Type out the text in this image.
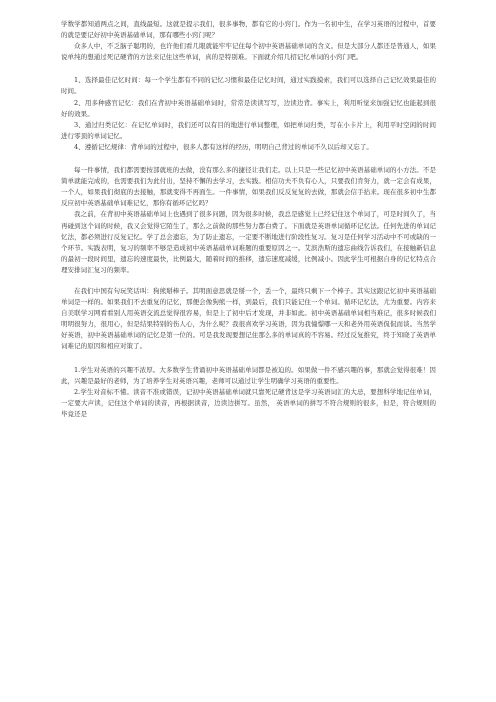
学数学都知道两点之间，直线最短。这就是提示我们，很多事物，都有它的小窍门。作为一名初中生，在学习英语的过程中，首要的就是要记好初中英语基础单词，那有哪些小窍门呢？

众多人中，不乏脑子聪明的，也许他们看几眼就能牢牢记住每个初中英语基础单词的含义。但是大部分人都还是普通人，如果说单纯的想通过死记硬背的方法来记住这些单词，真的是特别难。下面就介绍几招记忆单词的小窍门吧。

1、选择最佳记忆时间：每一个学生都有不同的记忆习惯和最佳记忆时间，通过实践摸索，我们可以选择自己记忆效果最佳的时间。

2、用多种感官记忆：我们在背初中英语基础单词时，常常是读读写写，边读边背。事实上，利用听觉来加强记忆也能起到很好的效果。

3、通过归类记忆：在记忆单词时，我们还可以有目的地进行单词整理，如把单词归类，写在小卡片上，利用平时空闲的时间进行零顶的单词记忆。

4、遵循记忆规律：背单词的过程中，很多人都有这样的经历，明明自己背过的单词不久以后却又忘了。

每一件事情，我们都需要按部就班的去做，没有那么多的捷径让我们走。以上只是一些记忆初中英语基础单词的小方法。不是简单就能完成的，也需要我们为此付出，坚持不懈的去学习，去实践。相信功夫不负有心人，只要我们肯努力，就一定会有成果，一个人，如果我们彻底的去接触，那就变得不再面生。一件事情，如果我们反反复复的去做，那就会信手拈来。现在很多初中生都反应初中英语基础单词难记忆，那你有循环记忆吗？

我之前，在背初中英语基础单词上也遇到了很多问题，因为很多时候，我总是感觉上已经记住这个单词了，可是时间久了，当再碰到这个词的时候，我又会觉得它陌生了，那么之前做的那些努力都白费了。下面就是英语单词循环记忆法。任何先进的单词记忆法，都必须进行反复记忆。学了总会遗忘，为了防止遗忘，一定要不断地进行阶段性复习。复习是任何学习活动中不可或缺的一个环节。实践表明，复习的频率不够是造成初中英语基础单词难题的重要原因之一。艾滨浩斯的遗忘曲线告诉我们，在接触新信息的最初一段时间里，遗忘的速度最快，比例最大，随着时间的推移，遗忘速度减缓，比例减小。因此学生可根据自身的记忆特点合理安排词汇复习的频率。

在我们中国有句玩笑话叫：狗熊掰棒子。其明面意思就是掰一个，丢一个，最终只剩下一个棒子。其实这跟记忆初中英语基础单词是一样的。如果我们不去重复的记忆，那便会像狗熊一样，到最后，我们只能记住一个单词。循环记忆法，尤为重要。内容来自美联学习网看看别人用英语交流总觉得很容易，但是上了初中后才发现，并非如此。初中英语基础单词相当难记，很多时候我们明明很努力，很用心，但是结果特别的伤人心，为什么呢？我很喜欢学习英语，因为我憧憬哪一天和老外用英语侃侃而谈。当然学好英语，初中英语基础单词的记忆是第一位的。可是我发现要想记住那么多的单词真的不容易。经过反复推究，终于知晓了英语单词难记的原因和相应对策了。

1.学生对英语的兴趣不浓厚。大多数学生背诵初中英语基础单词都是被迫的。如果做一件不感兴趣的事，那就会觉得很难！因此，兴趣是最好的老师，为了培养学生对英语兴趣，老师可以通过让学生明确学习英语的重要性。

2.学生对音标不懂。读音不准或错误，记初中英语基础单词就只靠死记硬背这是学习英语词汇的大忌，要想科学地记住单词，一定要大声读，记住这个单词的读音，再根据读音，边读边拼写。虽然， 英语单词的拼写不符合规则的很多，但是，符合规则的毕竟还是
